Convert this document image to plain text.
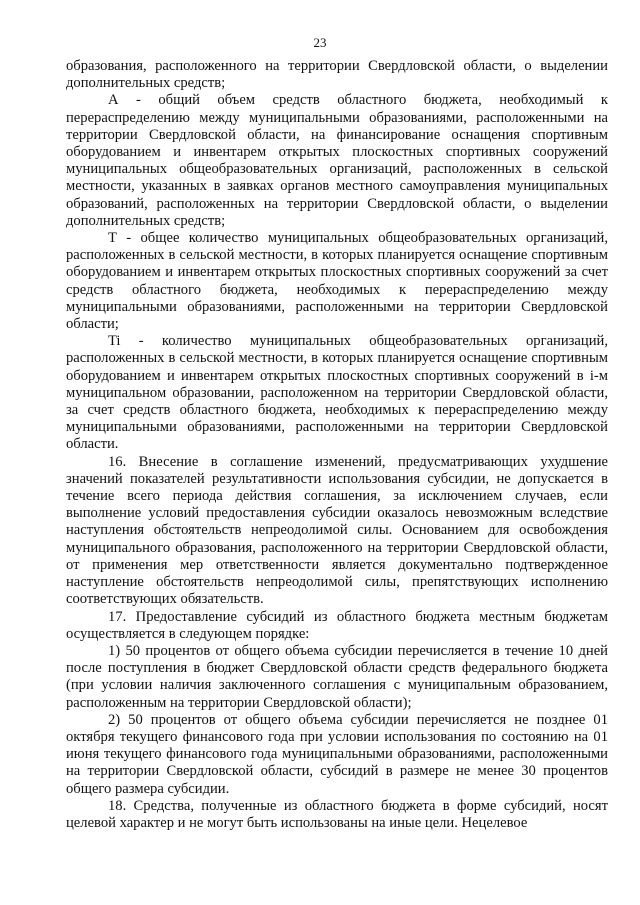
23

образования, расположенного на территории Свердловской области, о выделении дополнительных средств;

А - общий объем средств областного бюджета, необходимый к перераспределению между муниципальными образованиями, расположенными на территории Свердловской области, на финансирование оснащения спортивным оборудованием и инвентарем открытых плоскостных спортивных сооружений муниципальных общеобразовательных организаций, расположенных в сельской местности, указанных в заявках органов местного самоуправления муниципальных образований, расположенных на территории Свердловской области, о выделении дополнительных средств;

Т - общее количество муниципальных общеобразовательных организаций, расположенных в сельской местности, в которых планируется оснащение спортивным оборудованием и инвентарем открытых плоскостных спортивных сооружений за счет средств областного бюджета, необходимых к перераспределению между муниципальными образованиями, расположенными на территории Свердловской области;

Ti - количество муниципальных общеобразовательных организаций, расположенных в сельской местности, в которых планируется оснащение спортивным оборудованием и инвентарем открытых плоскостных спортивных сооружений в i-м муниципальном образовании, расположенном на территории Свердловской области, за счет средств областного бюджета, необходимых к перераспределению между муниципальными образованиями, расположенными на территории Свердловской области.

16. Внесение в соглашение изменений, предусматривающих ухудшение значений показателей результативности использования субсидии, не допускается в течение всего периода действия соглашения, за исключением случаев, если выполнение условий предоставления субсидии оказалось невозможным вследствие наступления обстоятельств непреодолимой силы. Основанием для освобождения муниципального образования, расположенного на территории Свердловской области, от применения мер ответственности является документально подтвержденное наступление обстоятельств непреодолимой силы, препятствующих исполнению соответствующих обязательств.

17. Предоставление субсидий из областного бюджета местным бюджетам осуществляется в следующем порядке:

1) 50 процентов от общего объема субсидии перечисляется в течение 10 дней после поступления в бюджет Свердловской области средств федерального бюджета (при условии наличия заключенного соглашения с муниципальным образованием, расположенным на территории Свердловской области);

2) 50 процентов от общего объема субсидии перечисляется не позднее 01 октября текущего финансового года при условии использования по состоянию на 01 июня текущего финансового года муниципальными образованиями, расположенными на территории Свердловской области, субсидий в размере не менее 30 процентов общего размера субсидии.

18. Средства, полученные из областного бюджета в форме субсидий, носят целевой характер и не могут быть использованы на иные цели. Нецелевое
